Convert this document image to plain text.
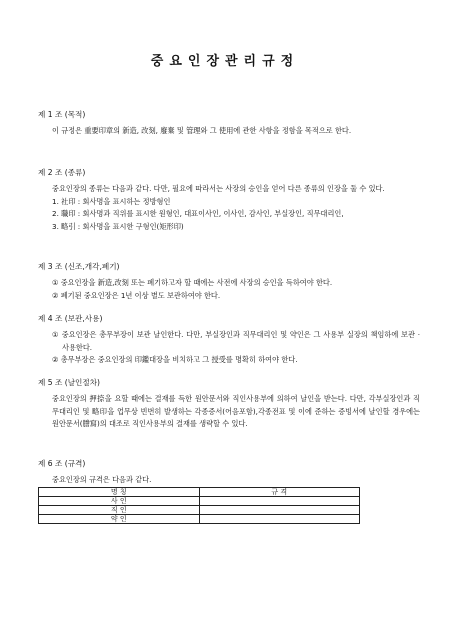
중요인장관리규정
제 1 조 (목적)
이 규정은 重要印章의 新造, 改刻, 廢棄 및 管理와 그 使用에 관한 사항을 정함을 목적으로 한다.
제 2 조 (종류)
중요인장의 종류는 다음과 같다. 다만, 필요에 따라서는 사장의 승인을 얻어 다른 종류의 인장을 둘 수 있다.
1. 社印 : 회사명을 표시하는 정방형인
2. 職印 : 회사명과 직위를 표시한 원형인, 대표이사인, 이사인, 감사인, 부실장인, 직무대리인,
3. 略引 : 회사명을 표시한 구형인(矩形印)
제 3 조 (신조,개각,폐기)
① 중요인장을 新造,改刻 또는 폐기하고자 할 때에는 사전에 사장의 승인을 득하여야 한다.
② 폐기된 중요인장은 1년 이상 별도 보관하여야 한다.
제 4 조 (보관,사용)
① 중요인장은 총무부장이 보관 날인한다. 다만, 부실장인과 직무대리인 및 약인은 그 사용부 실장의 책임하에 보관 · 사용한다.
② 총무부장은 중요인장의 印鑑대장을 비치하고 그 授受를 명확히 하여야 한다.
제 5 조 (날인절차)
중요인장의 押捺을 요할 때에는 결재를 득한 원안문서와 직인사용부에 의하여 날인을 받는다. 다만, 각부실장인과 직무대리인 및 略印을 업무상 빈번히 발생하는 각종증서(어음포함),각종전표 및 이에 준하는 증빙서에 날인할 경우에는 원안문서(謄寫)의 대조로 직인사용부의 결재를 생략할 수 있다.
제 6 조 (규격)
중요인장의 규격은 다음과 같다.
명 칭	규 격
사 인	
직 인	
약 인	
